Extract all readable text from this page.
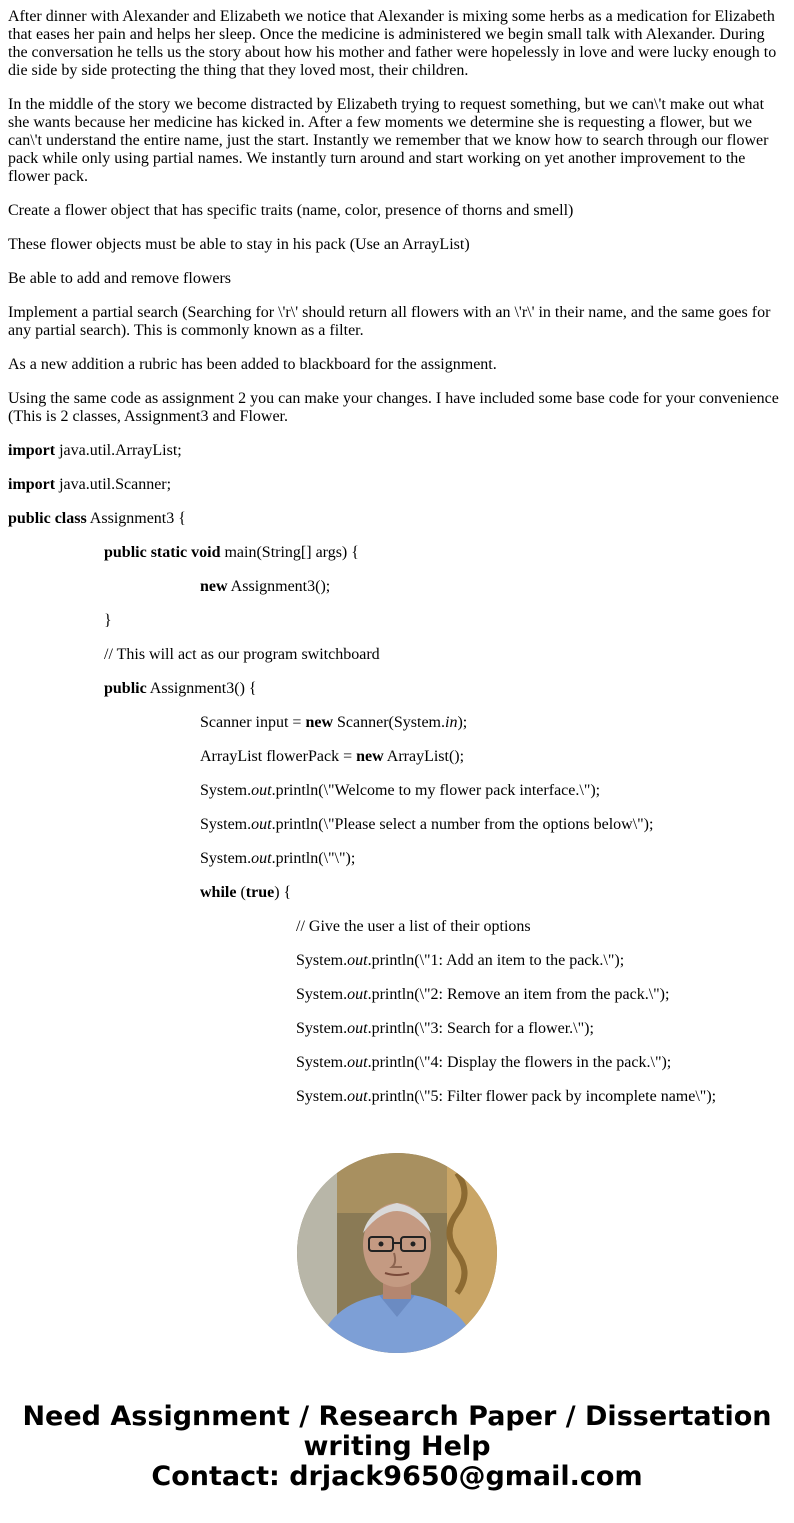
After dinner with Alexander and Elizabeth we notice that Alexander is mixing some herbs as a medication for Elizabeth that eases her pain and helps her sleep. Once the medicine is administered we begin small talk with Alexander. During the conversation he tells us the story about how his mother and father were hopelessly in love and were lucky enough to die side by side protecting the thing that they loved most, their children.

In the middle of the story we become distracted by Elizabeth trying to request something, but we can\'t make out what she wants because her medicine has kicked in. After a few moments we determine she is requesting a flower, but we can\'t understand the entire name, just the start. Instantly we remember that we know how to search through our flower pack while only using partial names. We instantly turn around and start working on yet another improvement to the flower pack.

Create a flower object that has specific traits (name, color, presence of thorns and smell)

These flower objects must be able to stay in his pack (Use an ArrayList)

Be able to add and remove flowers

Implement a partial search (Searching for \'r\' should return all flowers with an \'r\' in their name, and the same goes for any partial search). This is commonly known as a filter.

As a new addition a rubric has been added to blackboard for the assignment.

Using the same code as assignment 2 you can make your changes. I have included some base code for your convenience (This is 2 classes, Assignment3 and Flower.

import java.util.ArrayList;

import java.util.Scanner;

public class Assignment3 {

public static void main(String[] args) {

new Assignment3();

}

// This will act as our program switchboard

public Assignment3() {

Scanner input = new Scanner(System.in);

ArrayList flowerPack = new ArrayList();

System.out.println(\"Welcome to my flower pack interface.\");

System.out.println(\"Please select a number from the options below\");

System.out.println(\"\");

while (true) {

// Give the user a list of their options

System.out.println(\"1: Add an item to the pack.\");

System.out.println(\"2: Remove an item from the pack.\");

System.out.println(\"3: Search for a flower.\");

System.out.println(\"4: Display the flowers in the pack.\");

System.out.println(\"5: Filter flower pack by incomplete name\");

Need Assignment / Research Paper / Dissertation
writing Help
Contact: drjack9650@gmail.com
